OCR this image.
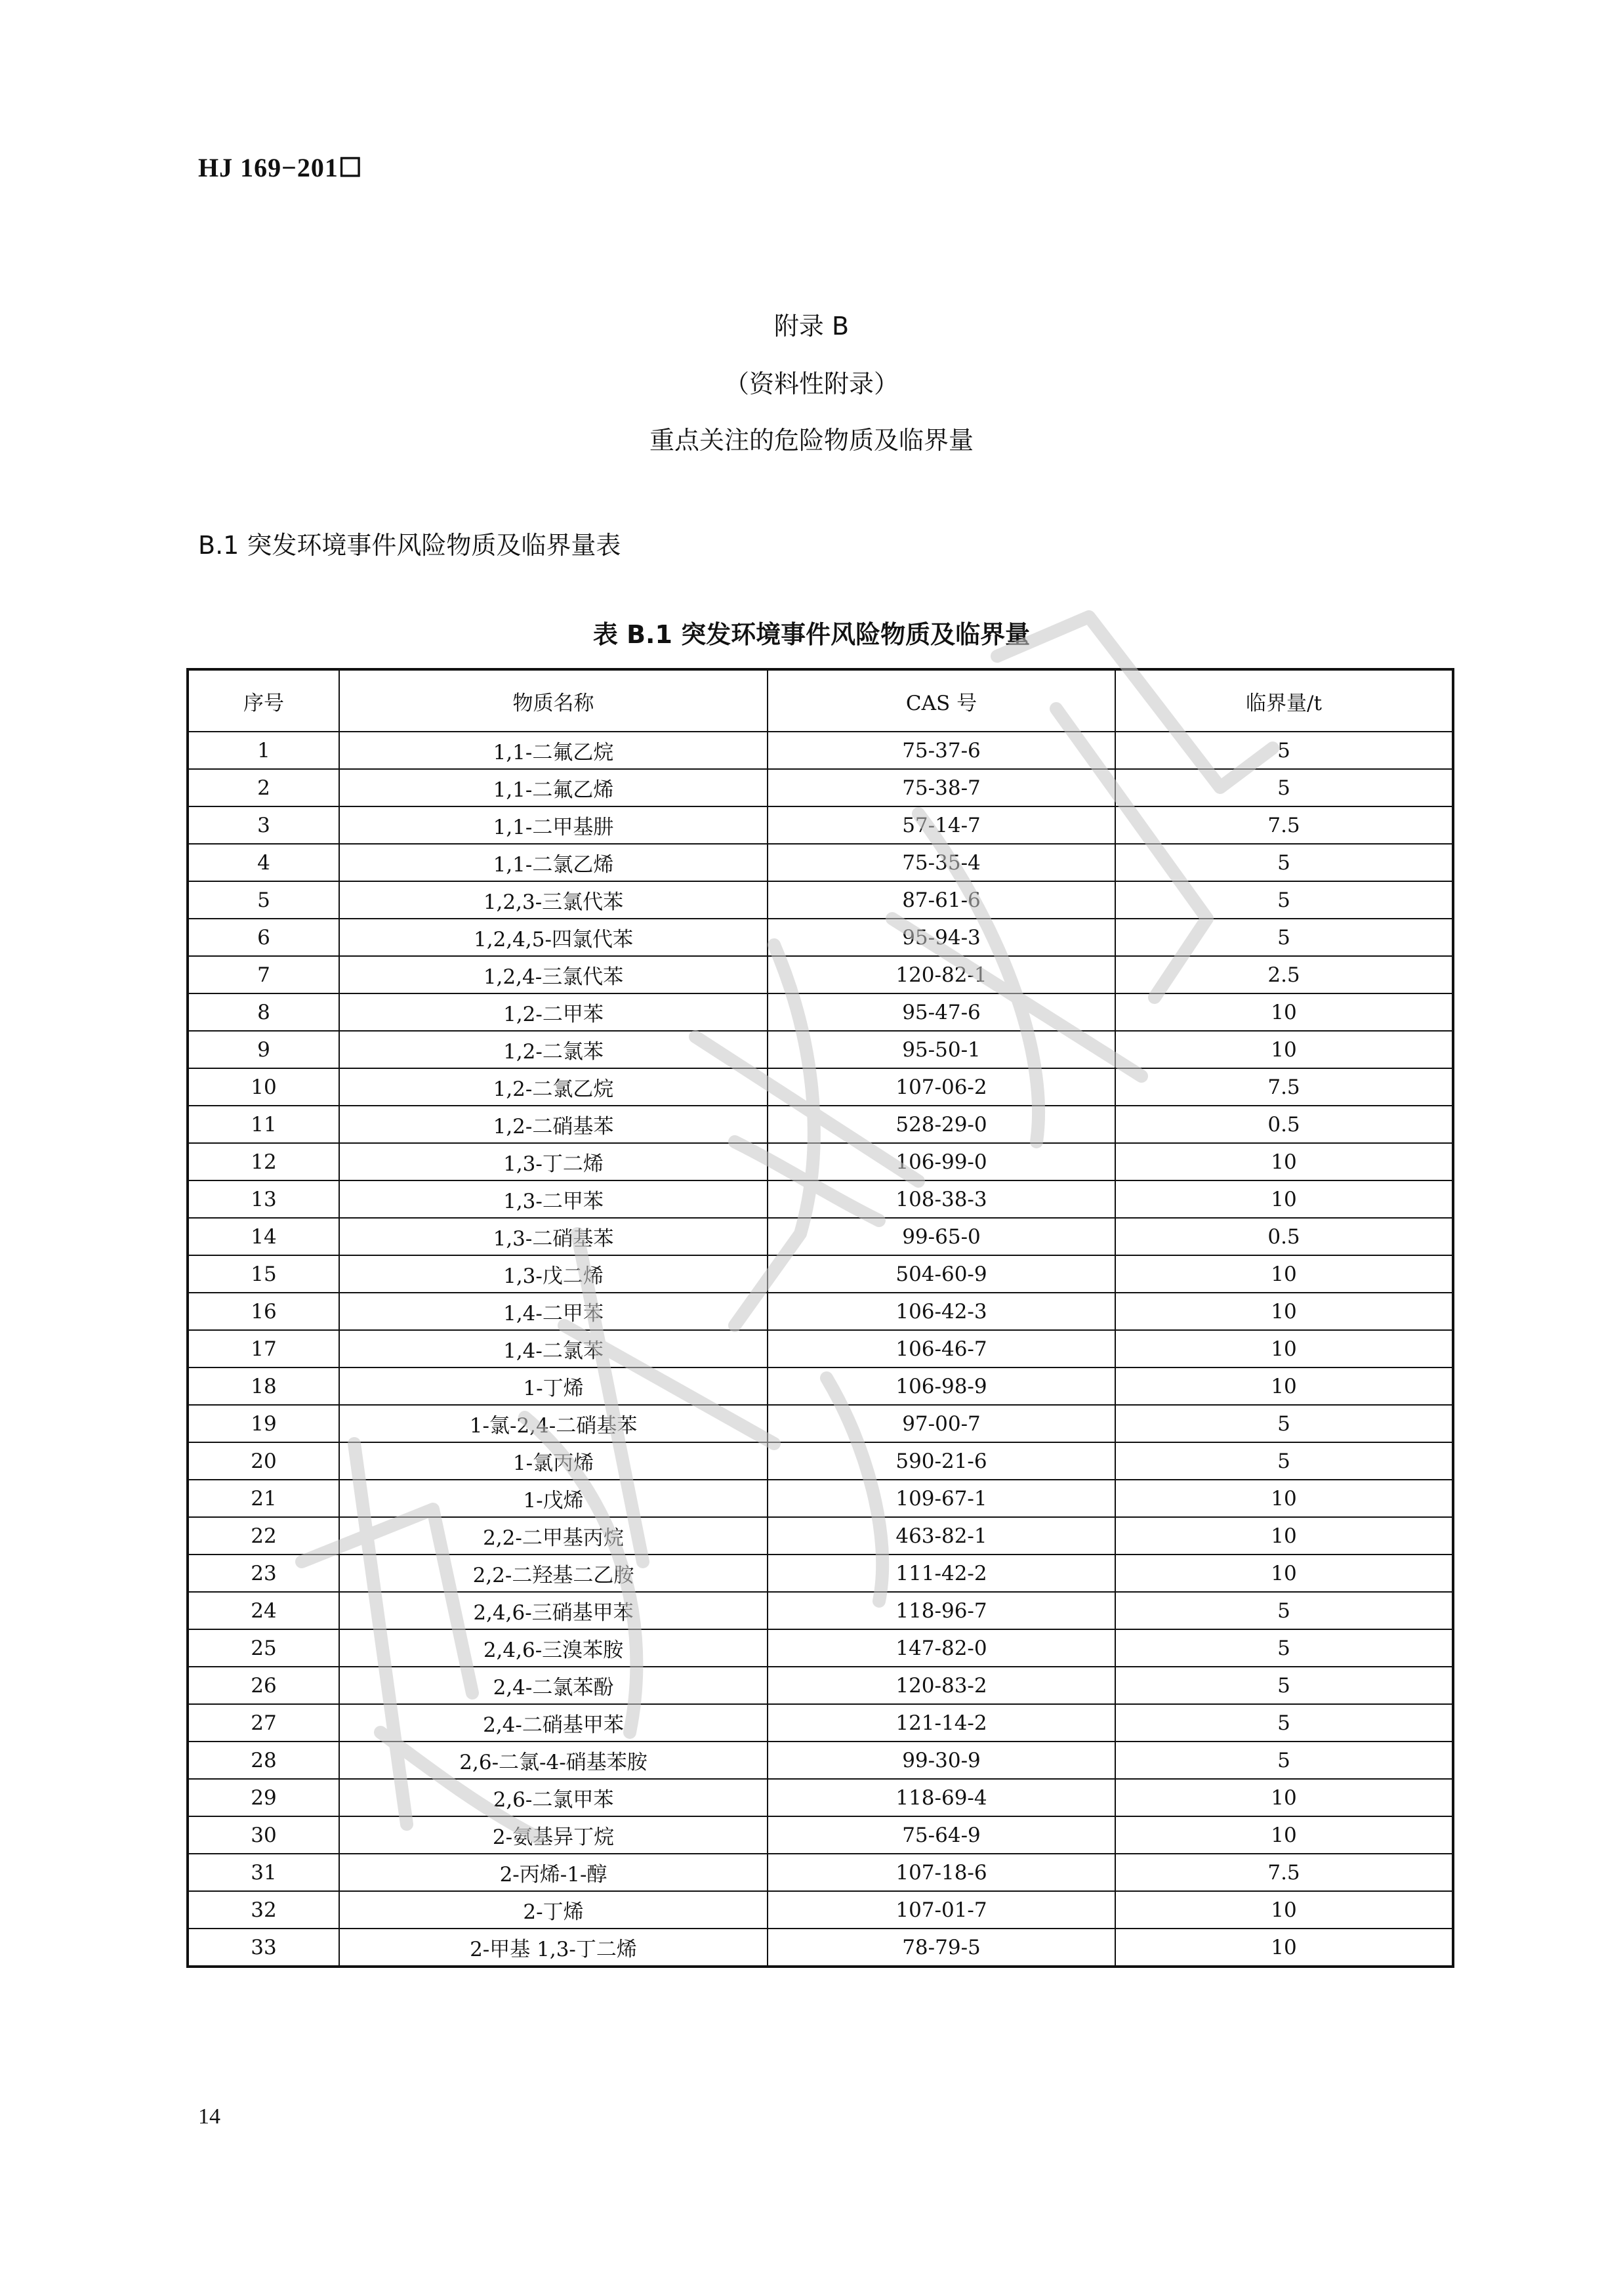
HJ 169−201☐
附录 B
（资料性附录）
重点关注的危险物质及临界量
B.1 突发环境事件风险物质及临界量表
表 B.1 突发环境事件风险物质及临界量
序号	物质名称	CAS 号	临界量/t
1	1,1-二氟乙烷	75-37-6	5
2	1,1-二氟乙烯	75-38-7	5
3	1,1-二甲基肼	57-14-7	7.5
4	1,1-二氯乙烯	75-35-4	5
5	1,2,3-三氯代苯	87-61-6	5
6	1,2,4,5-四氯代苯	95-94-3	5
7	1,2,4-三氯代苯	120-82-1	2.5
8	1,2-二甲苯	95-47-6	10
9	1,2-二氯苯	95-50-1	10
10	1,2-二氯乙烷	107-06-2	7.5
11	1,2-二硝基苯	528-29-0	0.5
12	1,3-丁二烯	106-99-0	10
13	1,3-二甲苯	108-38-3	10
14	1,3-二硝基苯	99-65-0	0.5
15	1,3-戊二烯	504-60-9	10
16	1,4-二甲苯	106-42-3	10
17	1,4-二氯苯	106-46-7	10
18	1-丁烯	106-98-9	10
19	1-氯-2,4-二硝基苯	97-00-7	5
20	1-氯丙烯	590-21-6	5
21	1-戊烯	109-67-1	10
22	2,2-二甲基丙烷	463-82-1	10
23	2,2-二羟基二乙胺	111-42-2	10
24	2,4,6-三硝基甲苯	118-96-7	5
25	2,4,6-三溴苯胺	147-82-0	5
26	2,4-二氯苯酚	120-83-2	5
27	2,4-二硝基甲苯	121-14-2	5
28	2,6-二氯-4-硝基苯胺	99-30-9	5
29	2,6-二氯甲苯	118-69-4	10
30	2-氨基异丁烷	75-64-9	10
31	2-丙烯-1-醇	107-18-6	7.5
32	2-丁烯	107-01-7	10
33	2-甲基 1,3-丁二烯	78-79-5	10
14
